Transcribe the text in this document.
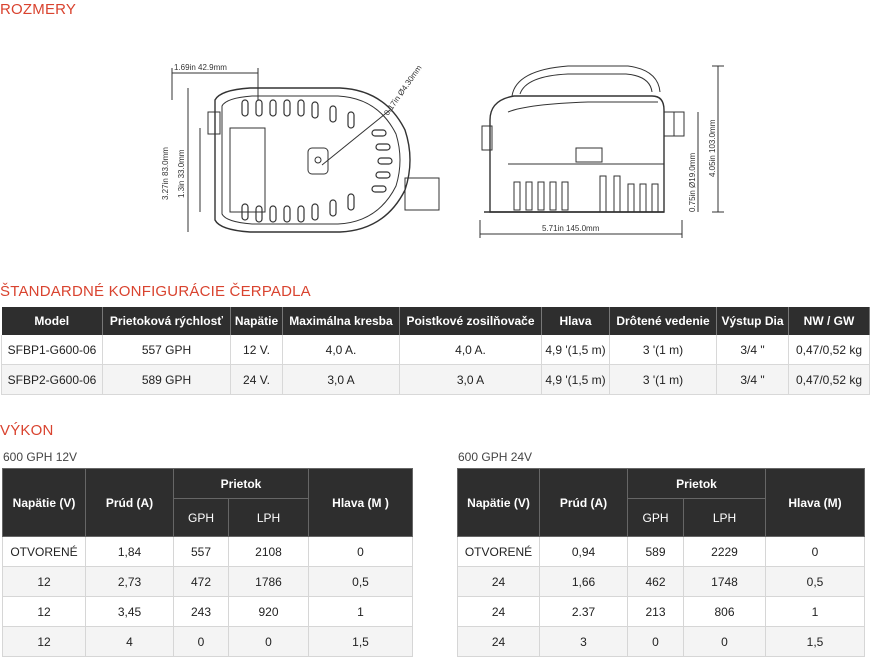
ROZMERY
1.69in 42.9mm
3.27in 83.0mm 1.3in 33.0mm
0.17in Ø4.30mm
5.71in 145.0mm
4.05in 103.0mm
0.75in Ø19.0mm
ŠTANDARDNÉ KONFIGURÁCIE ČERPADLA
Model	Prietoková rýchlosť	Napätie	Maximálna kresba	Poistkové zosilňovače	Hlava	Drôtené vedenie	Výstup Dia	NW / GW
SFBP1-G600-06	557 GPH	12 V.	4,0 A.	4,0 A.	4,9 '(1,5 m)	3 '(1 m)	3/4 "	0,47/0,52 kg
SFBP2-G600-06	589 GPH	24 V.	3,0 A	3,0 A	4,9 '(1,5 m)	3 '(1 m)	3/4 "	0,47/0,52 kg
VÝKON
600 GPH 12V	600 GPH 24V
Napätie (V)	Prúd (A)	Prietok		Hlava (M )
		GPH	LPH	
OTVORENÉ	1,84	557	2108	0
12	2,73	472	1786	0,5
12	3,45	243	920	1
12	4	0	0	1,5
Napätie (V)	Prúd (A)	Prietok		Hlava (M)
		GPH	LPH	
OTVORENÉ	0,94	589	2229	0
24	1,66	462	1748	0,5
24	2.37	213	806	1
24	3	0	0	1,5
